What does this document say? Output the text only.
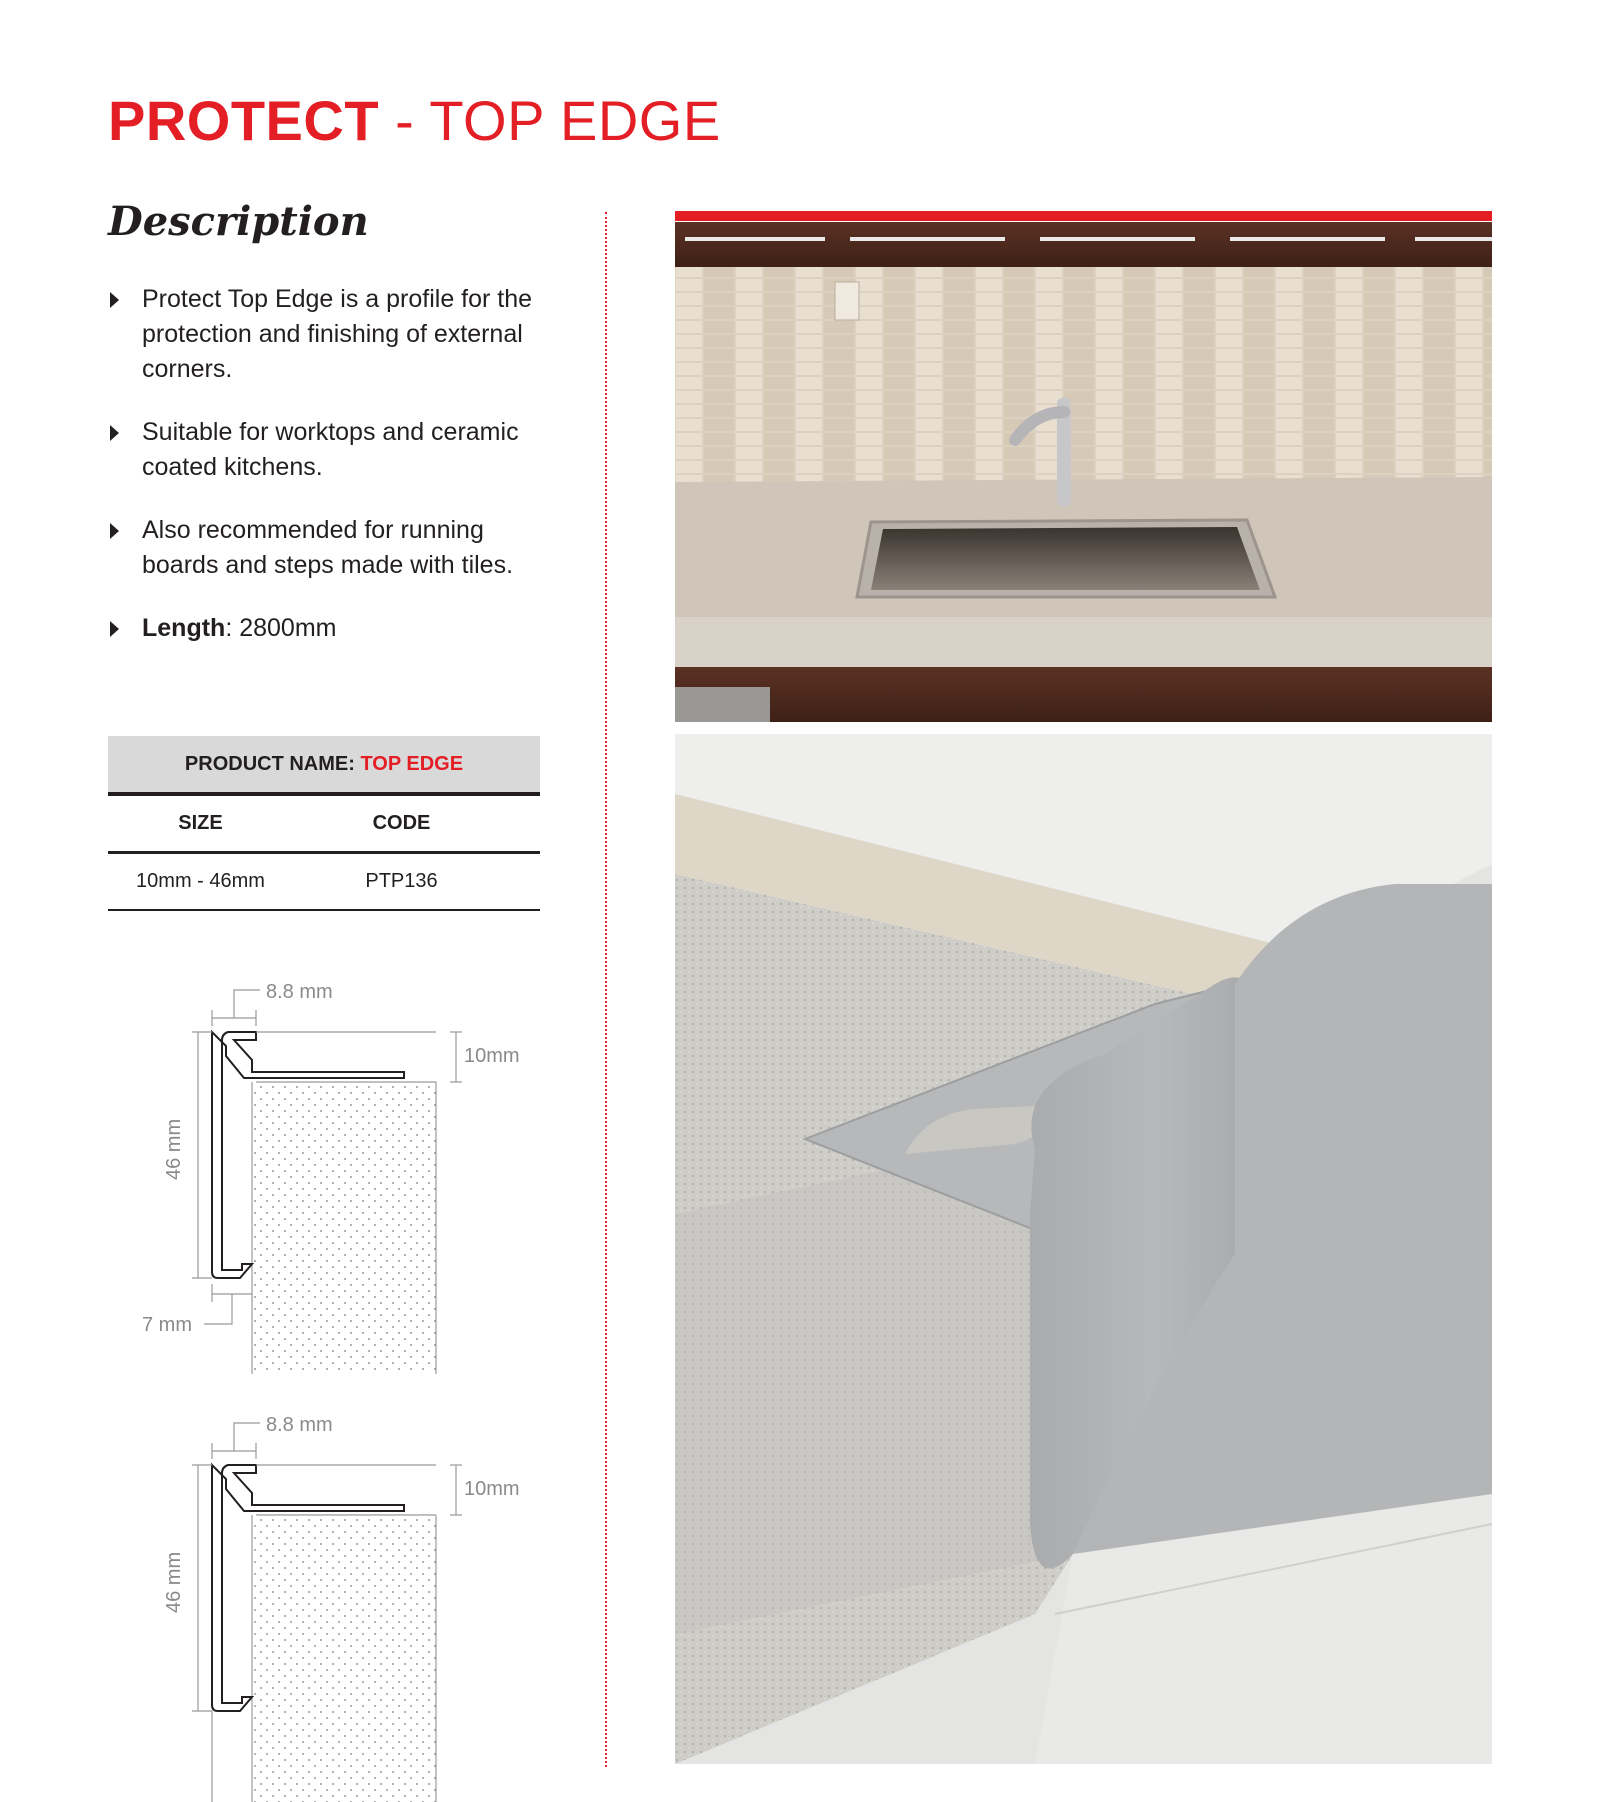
PROTECT - TOP EDGE
Description
Protect Top Edge is a profile for the protection and finishing of external corners.
Suitable for worktops and ceramic coated kitchens.
Also recommended for running boards and steps made with tiles.
Length: 2800mm
PRODUCT NAME: TOP EDGE
SIZE	CODE
10mm - 46mm	PTP136
8.8 mm
10mm
46 mm
7 mm
8.8 mm
10mm
46 mm
